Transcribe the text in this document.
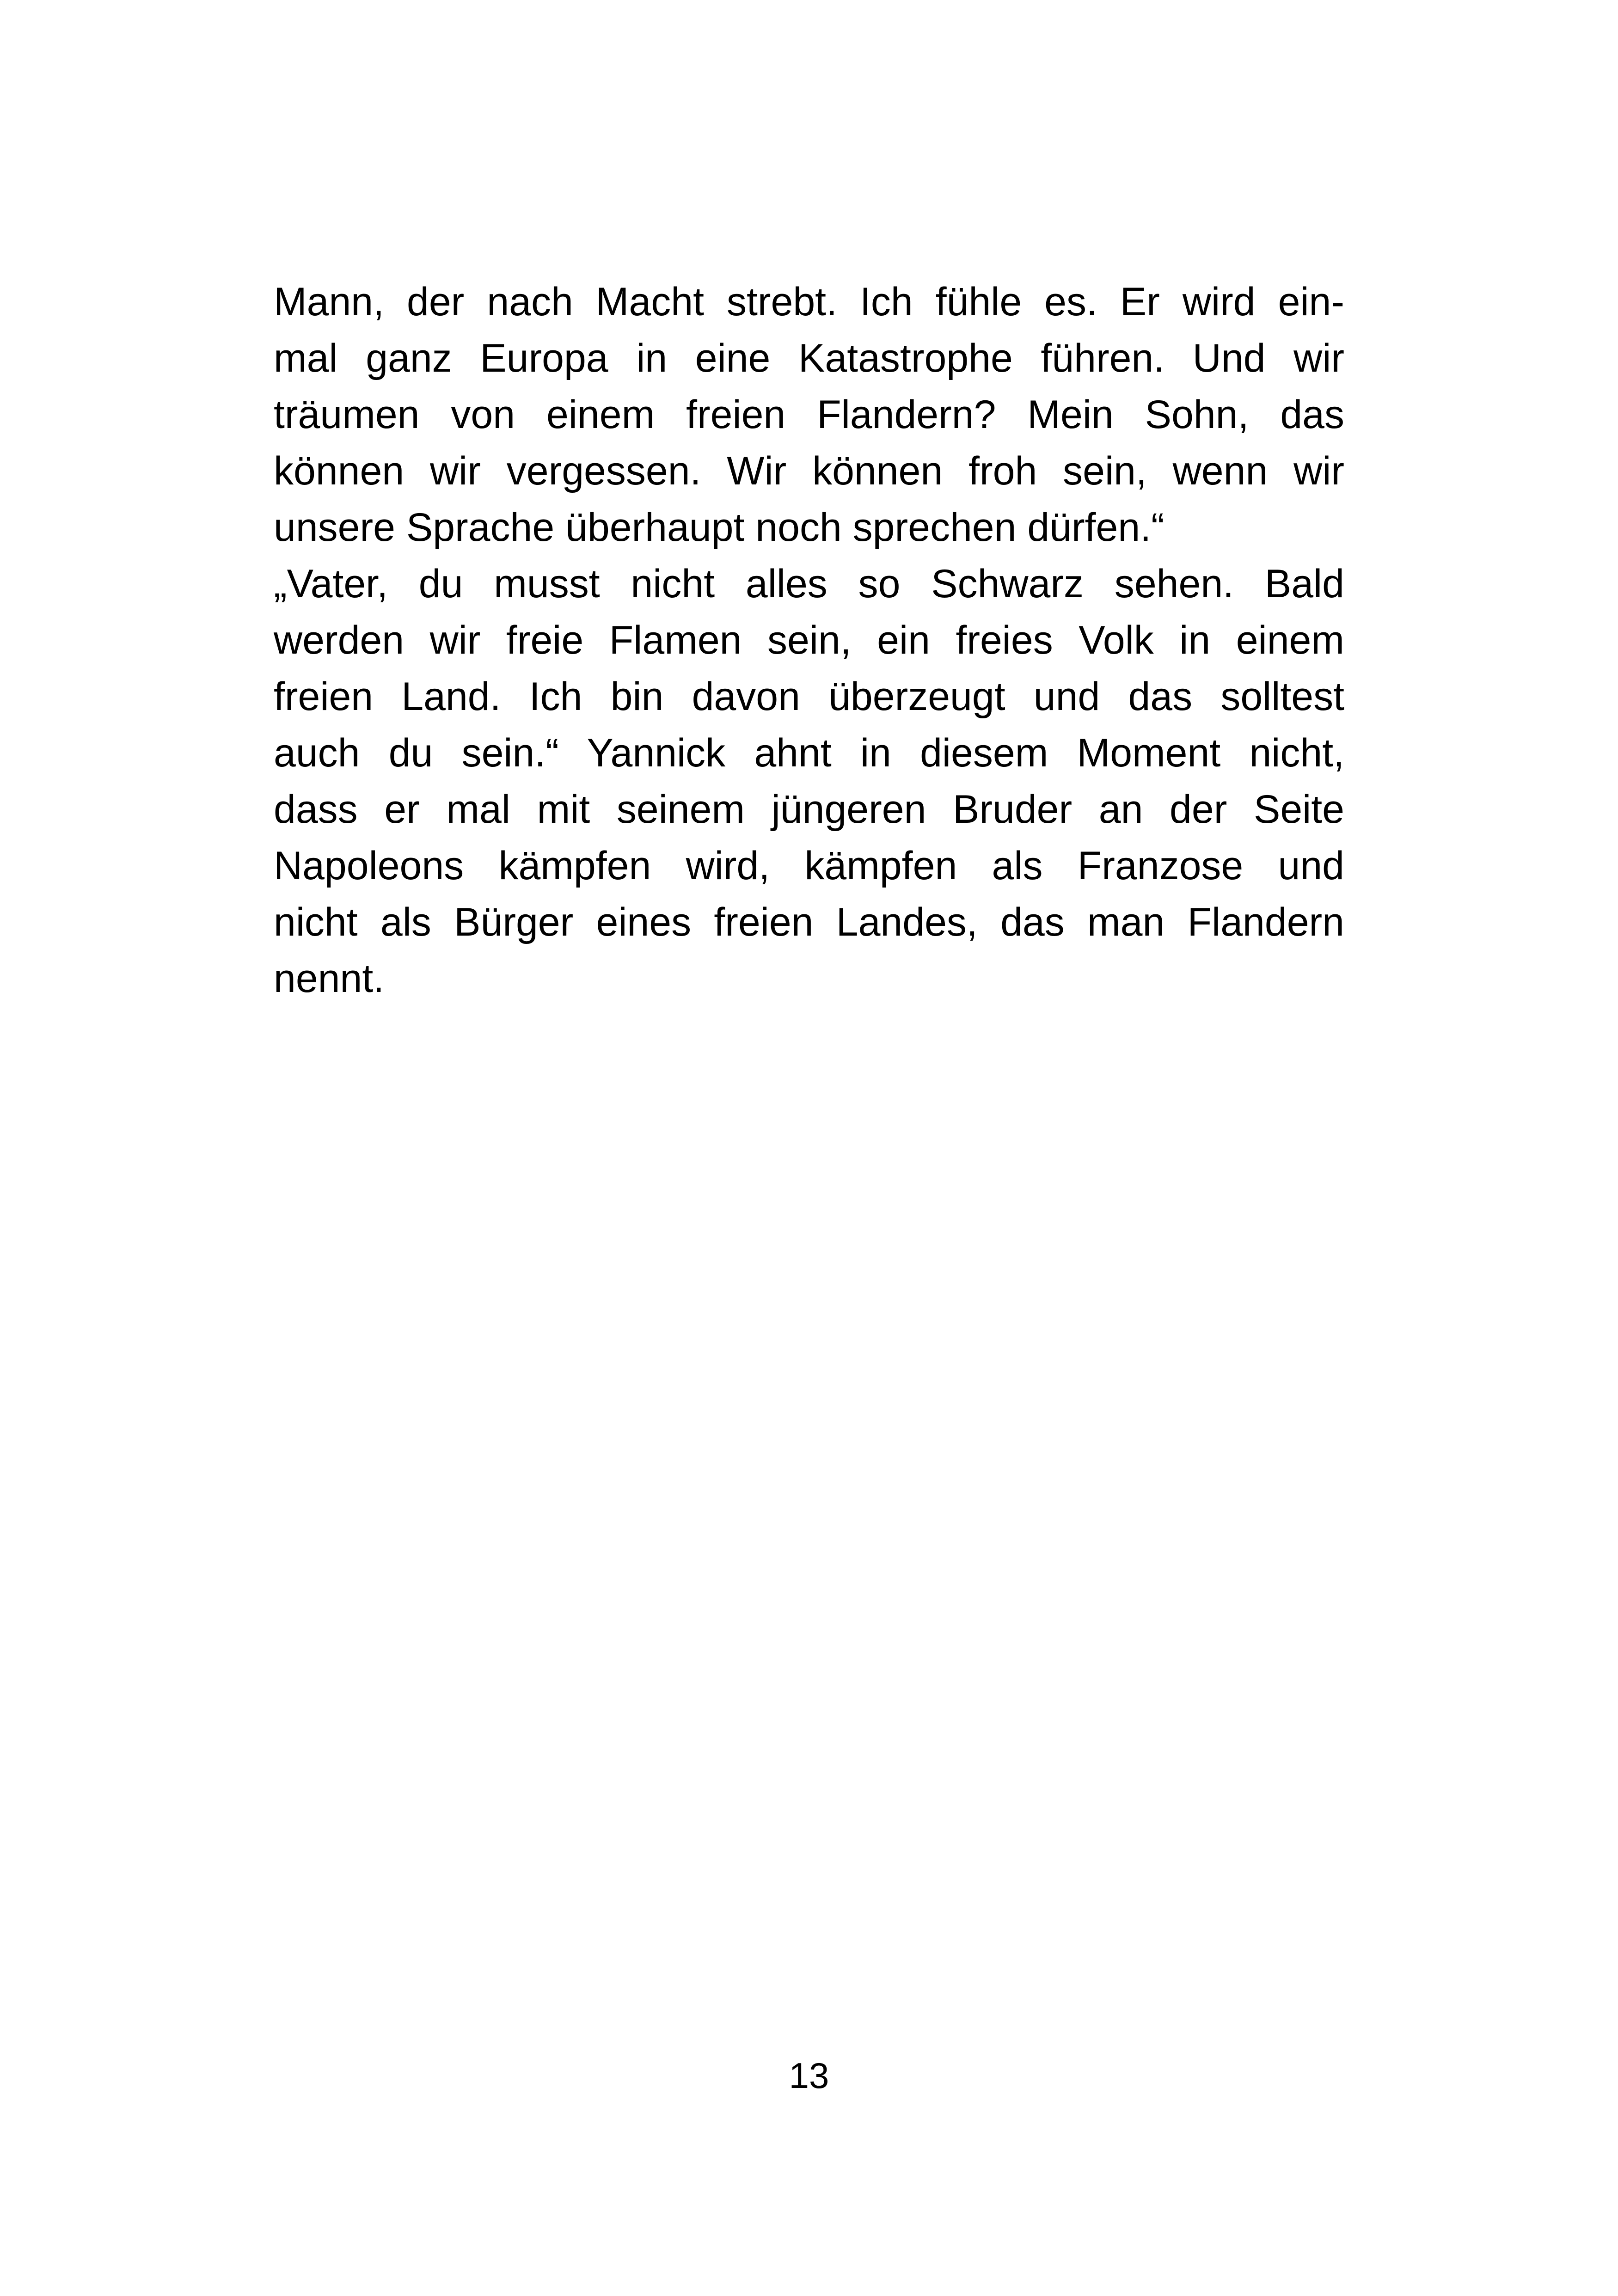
Mann, der nach Macht strebt. Ich fühle es. Er wird ein-
mal ganz Europa in eine Katastrophe führen. Und wir
träumen von einem freien Flandern? Mein Sohn, das
können wir vergessen. Wir können froh sein, wenn wir
unsere Sprache überhaupt noch sprechen dürfen.“
„Vater, du musst nicht alles so Schwarz sehen. Bald
werden wir freie Flamen sein, ein freies Volk in einem
freien Land. Ich bin davon überzeugt und das solltest
auch du sein.“ Yannick ahnt in diesem Moment nicht,
dass er mal mit seinem jüngeren Bruder an der Seite
Napoleons kämpfen wird, kämpfen als Franzose und
nicht als Bürger eines freien Landes, das man Flandern
nennt.
13
